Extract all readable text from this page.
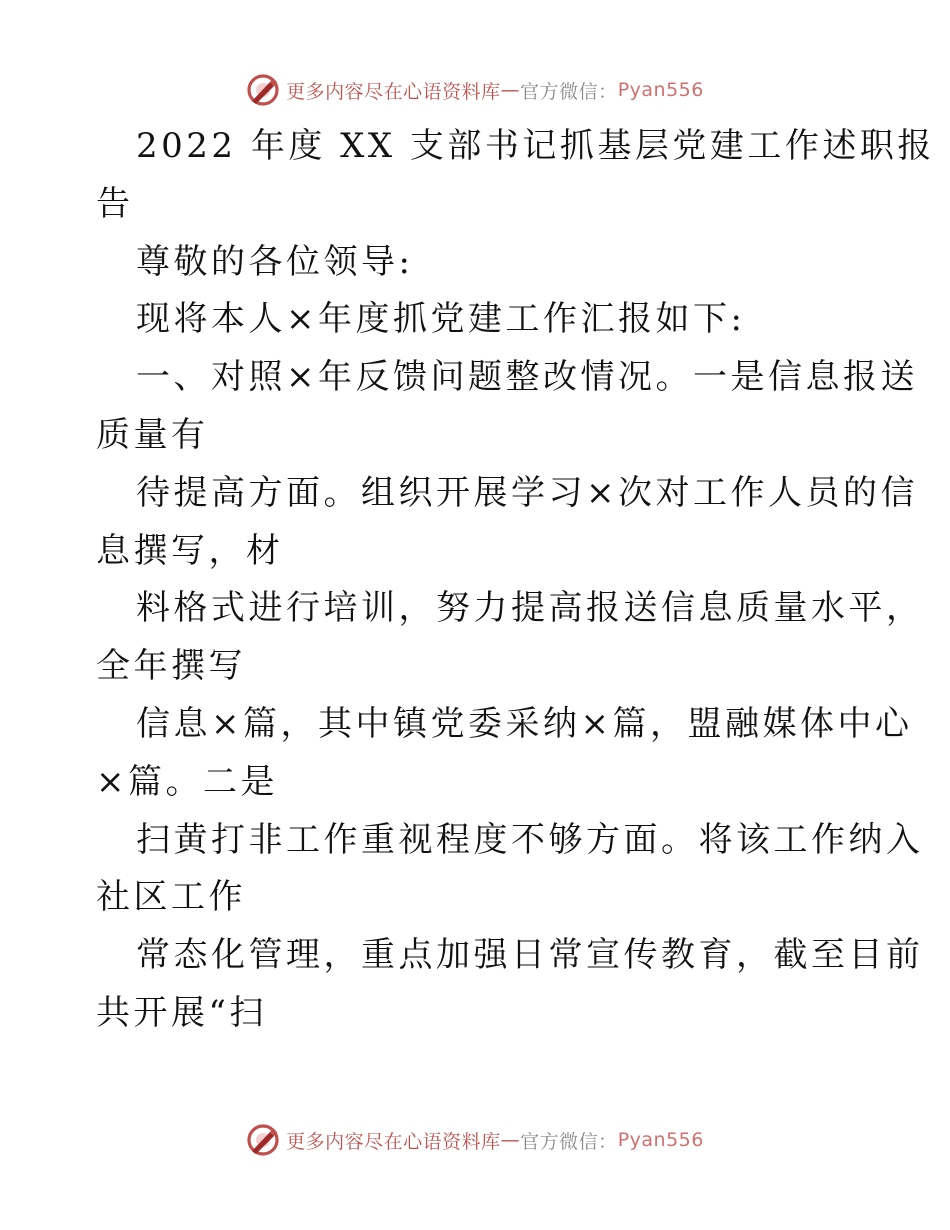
更多内容尽在心语资料库 — 官方微信： Pyan556
2022 年度 XX 支部书记抓基层党建工作述职报
告
尊敬的各位领导:
现将本人×年度抓党建工作汇报如下:
一、对照×年反馈问题整改情况。一是信息报送
质量有
待提高方面。组织开展学习×次对工作人员的信
息撰写，材
料格式进行培训，努力提高报送信息质量水平，
全年撰写
信息×篇，其中镇党委采纳×篇，盟融媒体中心
×篇。二是
扫黄打非工作重视程度不够方面。将该工作纳入
社区工作
常态化管理，重点加强日常宣传教育，截至目前
共开展“扫
更多内容尽在心语资料库 — 官方微信： Pyan556
